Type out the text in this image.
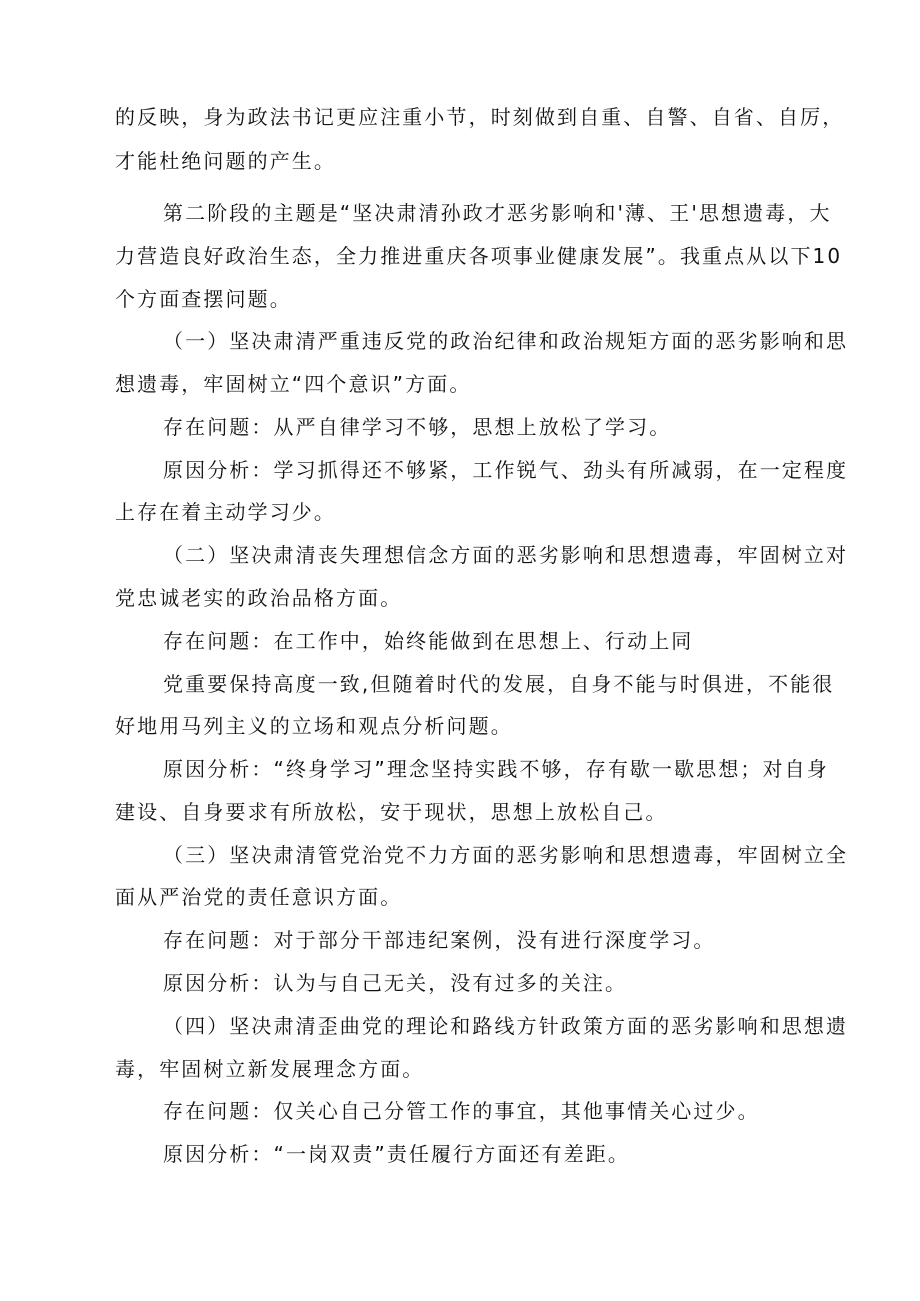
的反映，身为政法书记更应注重小节，时刻做到自重、自警、自省、自厉，
才能杜绝问题的产生。
第二阶段的主题是“坚决肃清孙政才恶劣影响和'薄、王'思想遗毒，大
力营造良好政治生态，全力推进重庆各项事业健康发展”。我重点从以下10
个方面查摆问题。
（一）坚决肃清严重违反党的政治纪律和政治规矩方面的恶劣影响和思
想遗毒，牢固树立“四个意识”方面。
存在问题：从严自律学习不够，思想上放松了学习。
原因分析：学习抓得还不够紧，工作锐气、劲头有所减弱，在一定程度
上存在着主动学习少。
（二）坚决肃清丧失理想信念方面的恶劣影响和思想遗毒，牢固树立对
党忠诚老实的政治品格方面。
存在问题：在工作中，始终能做到在思想上、行动上同
党重要保持高度一致,但随着时代的发展，自身不能与时俱进，不能很
好地用马列主义的立场和观点分析问题。
原因分析：“终身学习”理念坚持实践不够，存有歇一歇思想；对自身
建设、自身要求有所放松，安于现状，思想上放松自己。
（三）坚决肃清管党治党不力方面的恶劣影响和思想遗毒，牢固树立全
面从严治党的责任意识方面。
存在问题：对于部分干部违纪案例，没有进行深度学习。
原因分析：认为与自己无关，没有过多的关注。
（四）坚决肃清歪曲党的理论和路线方针政策方面的恶劣影响和思想遗
毒，牢固树立新发展理念方面。
存在问题：仅关心自己分管工作的事宜，其他事情关心过少。
原因分析：“一岗双责”责任履行方面还有差距。
